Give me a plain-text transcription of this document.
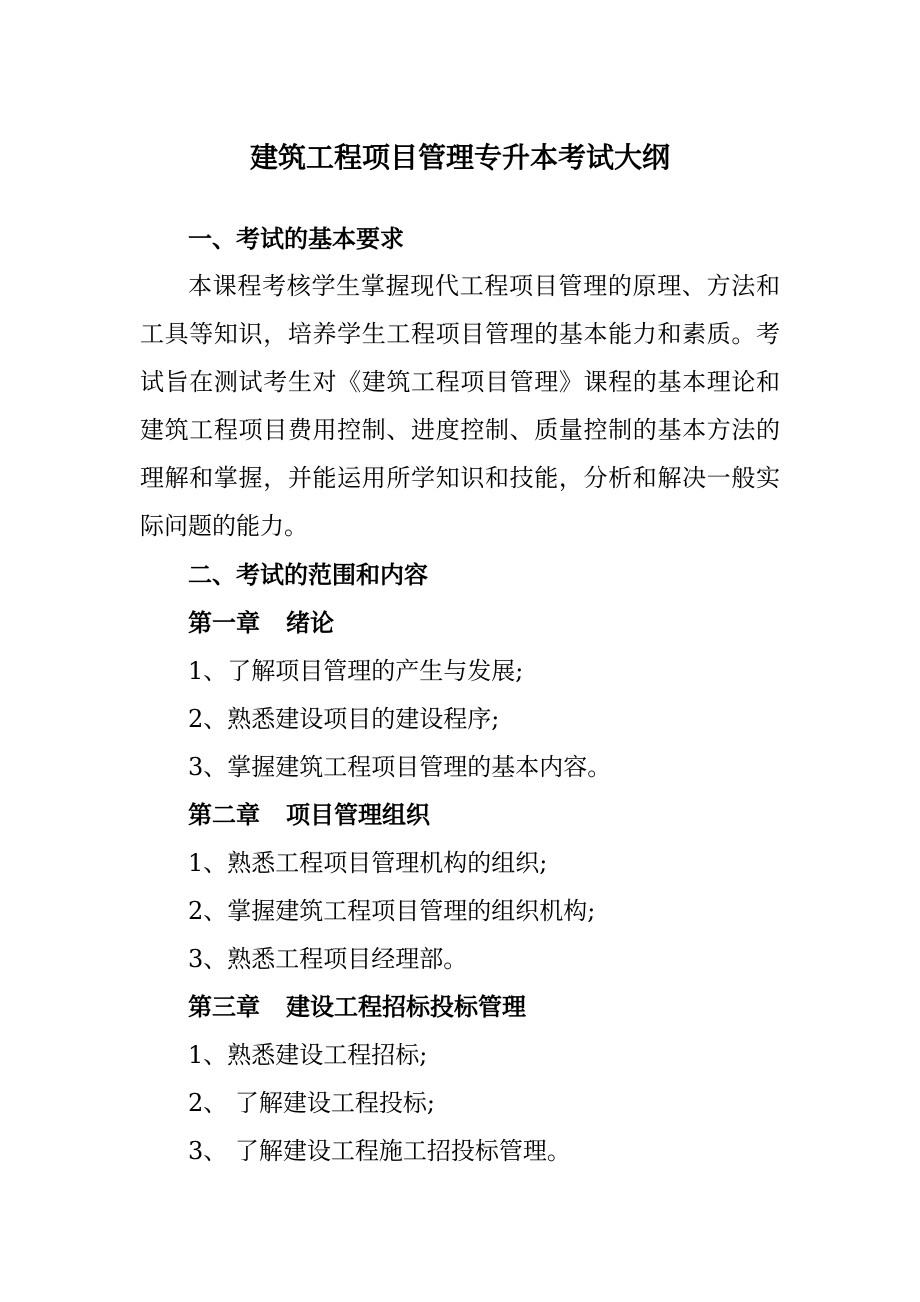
建筑工程项目管理专升本考试大纲
一、考试的基本要求
本课程考核学生掌握现代工程项目管理的原理、方法和
工具等知识，培养学生工程项目管理的基本能力和素质。考
试旨在测试考生对《建筑工程项目管理》课程的基本理论和
建筑工程项目费用控制、进度控制、质量控制的基本方法的
理解和掌握，并能运用所学知识和技能，分析和解决一般实
际问题的能力。
二、考试的范围和内容
第一章 绪论
1、了解项目管理的产生与发展;
2、熟悉建设项目的建设程序;
3、掌握建筑工程项目管理的基本内容。
第二章 项目管理组织
1、熟悉工程项目管理机构的组织;
2、掌握建筑工程项目管理的组织机构;
3、熟悉工程项目经理部。
第三章 建设工程招标投标管理
1、熟悉建设工程招标;
2、 了解建设工程投标;
3、 了解建设工程施工招投标管理。
